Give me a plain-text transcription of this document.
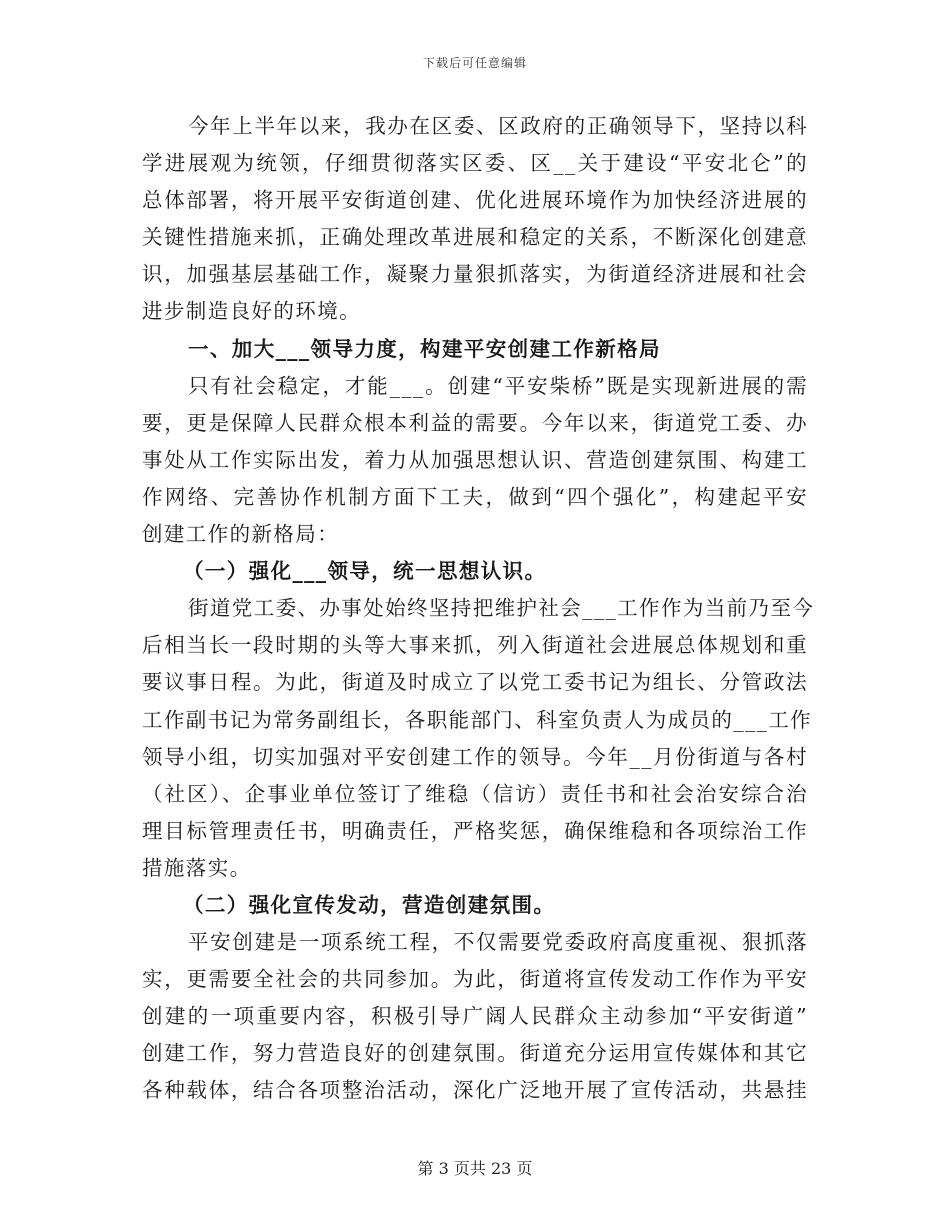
下载后可任意编辑
今年上半年以来，我办在区委、区政府的正确领导下，坚持以科
学进展观为统领，仔细贯彻落实区委、区__关于建设“平安北仑”的
总体部署，将开展平安街道创建、优化进展环境作为加快经济进展的
关键性措施来抓，正确处理改革进展和稳定的关系，不断深化创建意
识，加强基层基础工作，凝聚力量狠抓落实，为街道经济进展和社会
进步制造良好的环境。
一、加大___领导力度，构建平安创建工作新格局
只有社会稳定，才能___。创建“平安柴桥”既是实现新进展的需
要，更是保障人民群众根本利益的需要。今年以来，街道党工委、办
事处从工作实际出发，着力从加强思想认识、营造创建氛围、构建工
作网络、完善协作机制方面下工夫，做到“四个强化”，构建起平安
创建工作的新格局：
（一）强化___领导，统一思想认识。
街道党工委、办事处始终坚持把维护社会___工作作为当前乃至今
后相当长一段时期的头等大事来抓，列入街道社会进展总体规划和重
要议事日程。为此，街道及时成立了以党工委书记为组长、分管政法
工作副书记为常务副组长，各职能部门、科室负责人为成员的___工作
领导小组，切实加强对平安创建工作的领导。今年__月份街道与各村
（社区）、企事业单位签订了维稳（信访）责任书和社会治安综合治
理目标管理责任书，明确责任，严格奖惩，确保维稳和各项综治工作
措施落实。
（二）强化宣传发动，营造创建氛围。
平安创建是一项系统工程，不仅需要党委政府高度重视、狠抓落
实，更需要全社会的共同参加。为此，街道将宣传发动工作作为平安
创建的一项重要内容，积极引导广阔人民群众主动参加“平安街道”
创建工作，努力营造良好的创建氛围。街道充分运用宣传媒体和其它
各种载体，结合各项整治活动，深化广泛地开展了宣传活动，共悬挂
第 3 页共 23 页
